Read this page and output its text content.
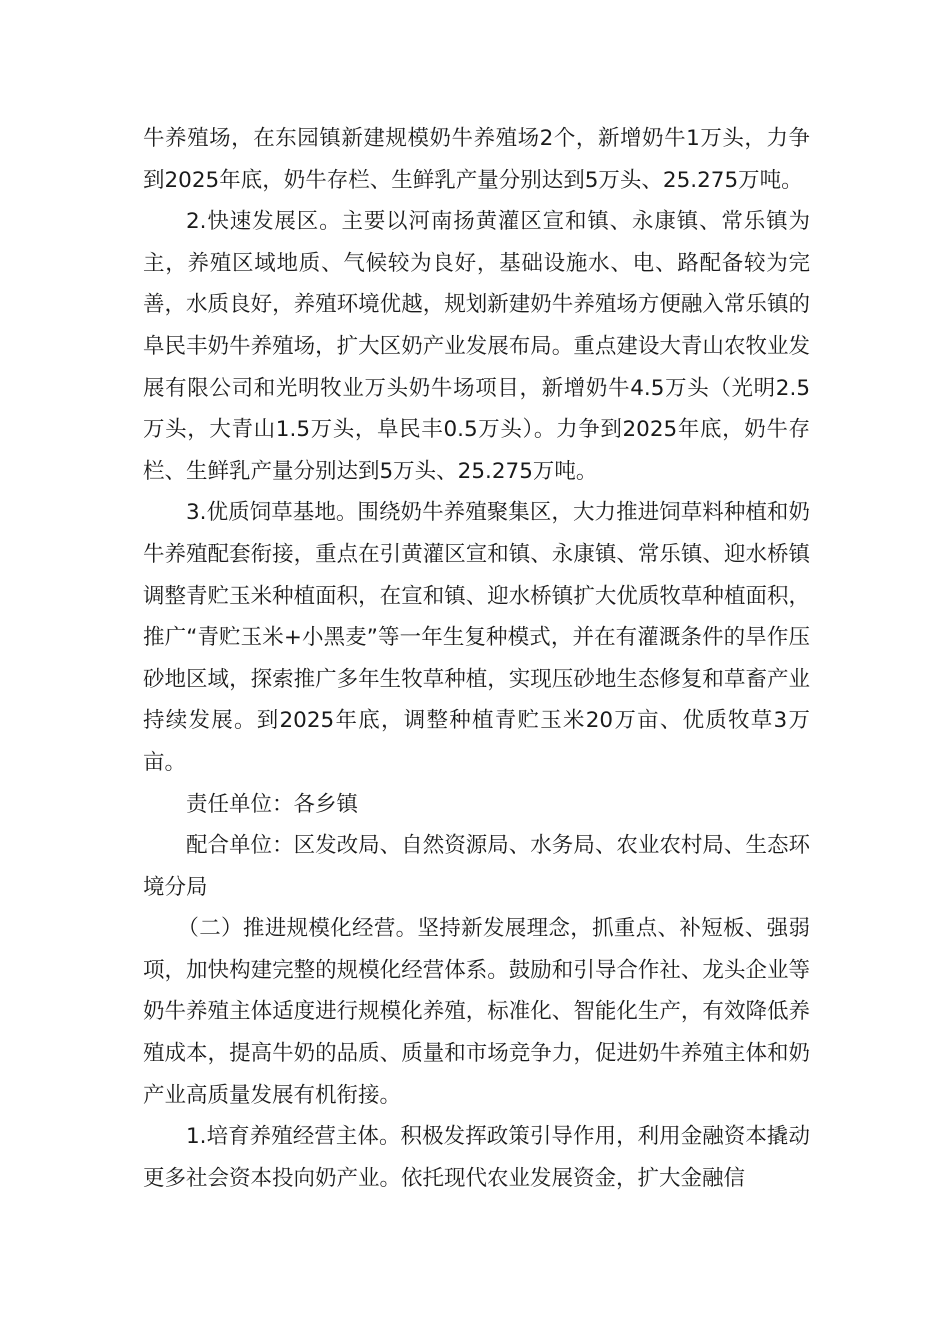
牛养殖场，在东园镇新建规模奶牛养殖场2个，新增奶牛1万头，力争到2025年底，奶牛存栏、生鲜乳产量分别达到5万头、25.275万吨。

2.快速发展区。主要以河南扬黄灌区宣和镇、永康镇、常乐镇为主，养殖区域地质、气候较为良好，基础设施水、电、路配备较为完善，水质良好，养殖环境优越，规划新建奶牛养殖场方便融入常乐镇的阜民丰奶牛养殖场，扩大区奶产业发展布局。重点建设大青山农牧业发展有限公司和光明牧业万头奶牛场项目，新增奶牛4.5万头（光明2.5万头，大青山1.5万头，阜民丰0.5万头）。力争到2025年底，奶牛存栏、生鲜乳产量分别达到5万头、25.275万吨。

3.优质饲草基地。围绕奶牛养殖聚集区，大力推进饲草料种植和奶牛养殖配套衔接，重点在引黄灌区宣和镇、永康镇、常乐镇、迎水桥镇调整青贮玉米种植面积，在宣和镇、迎水桥镇扩大优质牧草种植面积，推广“青贮玉米+小黑麦”等一年生复种模式，并在有灌溉条件的旱作压砂地区域，探索推广多年生牧草种植，实现压砂地生态修复和草畜产业持续发展。到2025年底，调整种植青贮玉米20万亩、优质牧草3万亩。

责任单位：各乡镇

配合单位：区发改局、自然资源局、水务局、农业农村局、生态环境分局

（二）推进规模化经营。坚持新发展理念，抓重点、补短板、强弱项，加快构建完整的规模化经营体系。鼓励和引导合作社、龙头企业等奶牛养殖主体适度进行规模化养殖，标准化、智能化生产，有效降低养殖成本，提高牛奶的品质、质量和市场竞争力，促进奶牛养殖主体和奶产业高质量发展有机衔接。

1.培育养殖经营主体。积极发挥政策引导作用，利用金融资本撬动更多社会资本投向奶产业。依托现代农业发展资金，扩大金融信
